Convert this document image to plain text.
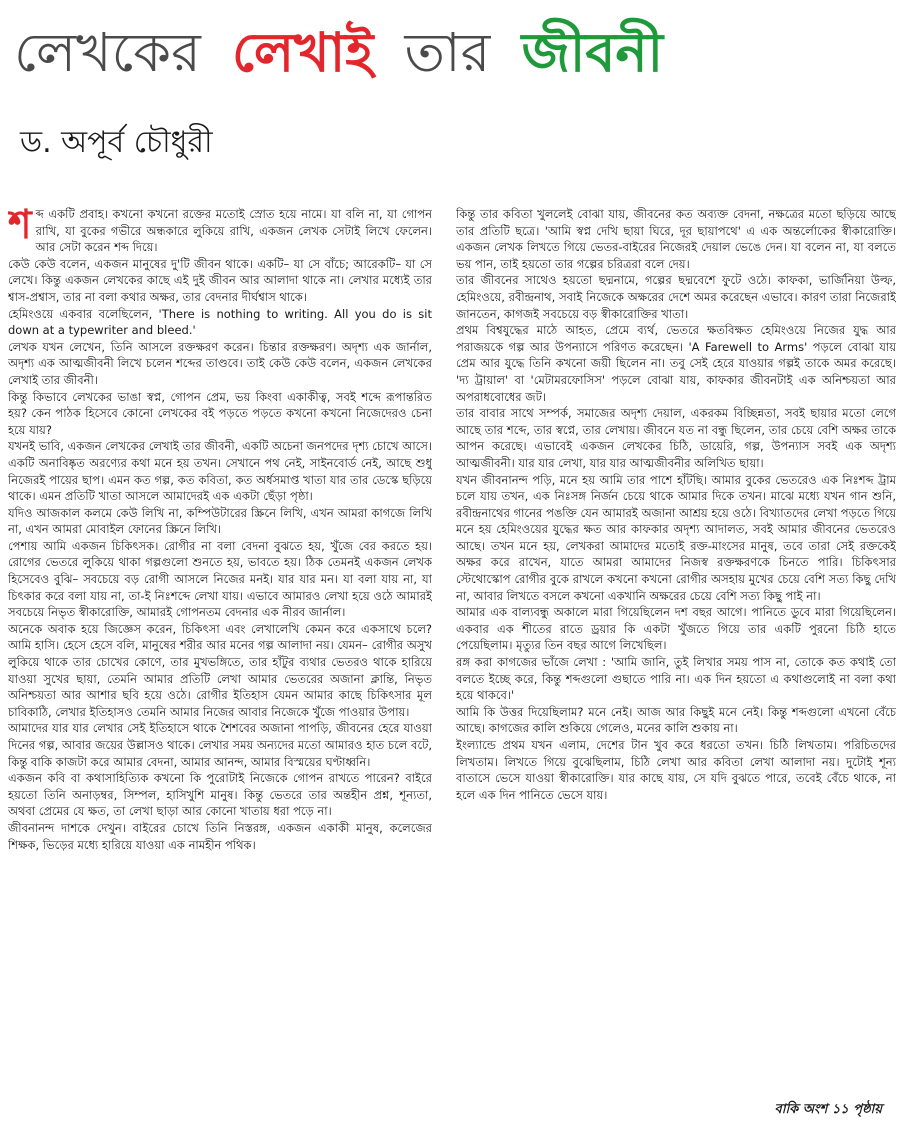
লেখকের লেখাই তার জীবনী
ড. অপূর্ব চৌধুরী
শ ব্দ একটি প্রবাহ। কখনো কখনো রক্তের মতোই স্রোত হয়ে নামে। যা বলি না, যা গোপন রাখি, যা বুকের গভীরে অন্ধকারে লুকিয়ে রাখি, একজন লেখক সেটাই লিখে ফেলেন। আর সেটা করেন শব্দ দিয়ে।

কেউ কেউ বলেন, একজন মানুষের দু'টি জীবন থাকে। একটি– যা সে বাঁচে; আরেকটি– যা সে লেখে। কিন্তু একজন লেখকের কাছে এই দুই জীবন আর আলাদা থাকে না। লেখার মধ্যেই তার শ্বাস-প্রশ্বাস, তার না বলা কথার অক্ষর, তার বেদনার দীর্ঘশ্বাস থাকে।

হেমিংওয়ে একবার বলেছিলেন, 'There is nothing to writing. All you do is sit down at a typewriter and bleed.'

লেখক যখন লেখেন, তিনি আসলে রক্তক্ষরণ করেন। চিন্তার রক্তক্ষরণ। অদৃশ্য এক জার্নাল, অদৃশ্য এক আত্মজীবনী লিখে চলেন শব্দের তাণ্ডবে। তাই কেউ কেউ বলেন, একজন লেখকের লেখাই তার জীবনী।

কিন্তু কিভাবে লেখকের ভাঙা স্বপ্ন, গোপন প্রেম, ভয় কিংবা একাকীত্ব, সবই শব্দে রূপান্তরিত হয়? কেন পাঠক হিসেবে কোনো লেখকের বই পড়তে পড়তে কখনো কখনো নিজেদেরও চেনা হয়ে যায়?

যখনই ভাবি, একজন লেখকের লেখাই তার জীবনী, একটি অচেনা জনপদের দৃশ্য চোখে আসে। একটি অনাবিষ্কৃত অরণ্যের কথা মনে হয় তখন। সেখানে পথ নেই, সাইনবোর্ড নেই, আছে শুধু নিজেরই পায়ের ছাপ। এমন কত গল্প, কত কবিতা, কত অর্ধসমাপ্ত খাতা যার তার ডেস্কে ছড়িয়ে থাকে। এমন প্রতিটি খাতা আসলে আমাদেরই এক একটা ছেঁড়া পৃষ্ঠা।

যদিও আজকাল কলমে কেউ লিখি না, কম্পিউটারের স্ক্রিনে লিখি, এখন আমরা কাগজে লিখি না, এখন আমরা মোবাইল ফোনের স্ক্রিনে লিখি।

পেশায় আমি একজন চিকিৎসক। রোগীর না বলা বেদনা বুঝতে হয়, খুঁজে বের করতে হয়। রোগের ভেতরে লুকিয়ে থাকা গল্পগুলো শুনতে হয়, ভাবতে হয়। ঠিক তেমনই একজন লেখক হিসেবেও বুঝি– সবচেয়ে বড় রোগী আসলে নিজের মনই। যার যার মন। যা বলা যায় না, যা চিৎকার করে বলা যায় না, তা-ই নিঃশব্দে লেখা যায়। এভাবে আমারও লেখা হয়ে ওঠে আমারই সবচেয়ে নিভৃত স্বীকারোক্তি, আমারই গোপনতম বেদনার এক নীরব জার্নাল।

অনেকে অবাক হয়ে জিজ্ঞেস করেন, চিকিৎসা এবং লেখালেখি কেমন করে একসাথে চলে? আমি হাসি। হেসে হেসে বলি, মানুষের শরীর আর মনের গল্প আলাদা নয়। যেমন– রোগীর অসুখ লুকিয়ে থাকে তার চোখের কোণে, তার মুখভঙ্গিতে, তার হাঁটুর ব্যথার ভেতরও থাকে হারিয়ে যাওয়া সুখের ছায়া, তেমনি আমার প্রতিটি লেখা আমার ভেতরের অজানা ক্লান্তি, নিভৃত অনিশ্চয়তা আর আশার ছবি হয়ে ওঠে। রোগীর ইতিহাস যেমন আমার কাছে চিকিৎসার মূল চাবিকাঠি, লেখার ইতিহাসও তেমনি আমার নিজের আবার নিজেকে খুঁজে পাওয়ার উপায়।

আমাদের যার যার লেখার সেই ইতিহাসে থাকে শৈশবের অজানা পাপড়ি, জীবনের হেরে যাওয়া দিনের গল্প, আবার জয়ের উল্লাসও থাকে। লেখার সময় অন্যদের মতো আমারও হাত চলে বটে, কিন্তু বাকি কাজটা করে আমার বেদনা, আমার আনন্দ, আমার বিস্ময়ের ঘণ্টাধ্বনি।

একজন কবি বা কথাসাহিত্যিক কখনো কি পুরোটাই নিজেকে গোপন রাখতে পারেন? বাইরে হয়তো তিনি অনাড়ম্বর, সিম্পল, হাসিখুশি মানুষ। কিন্তু ভেতরে তার অন্তহীন প্রশ্ন, শূন্যতা, অথবা প্রেমের যে ক্ষত, তা লেখা ছাড়া আর কোনো খাতায় ধরা পড়ে না।

জীবনানন্দ দাশকে দেখুন। বাইরের চোখে তিনি নিস্তরঙ্গ, একজন একাকী মানুষ, কলেজের শিক্ষক, ভিড়ের মধ্যে হারিয়ে যাওয়া এক নামহীন পথিক।

কিন্তু তার কবিতা খুললেই বোঝা যায়, জীবনের কত অব্যক্ত বেদনা, নক্ষত্রের মতো ছড়িয়ে আছে তার প্রতিটি ছত্রে। 'আমি স্বপ্ন দেখি ছায়া ঘিরে, দূর ছায়াপথে' এ এক অন্তর্লোকের স্বীকারোক্তি। একজন লেখক লিখতে গিয়ে ভেতর-বাইরের নিজেরই দেয়াল ভেঙে দেন। যা বলেন না, যা বলতে ভয় পান, তাই হয়তো তার গল্পের চরিত্ররা বলে দেয়।

তার জীবনের সাথেও হয়তো ছদ্মনামে, গল্পের ছদ্মবেশে ফুটে ওঠে। কাফকা, ভার্জিনিয়া উল্ফ, হেমিংওয়ে, রবীন্দ্রনাথ, সবাই নিজেকে অক্ষরের দেশে অমর করেছেন এভাবে। কারণ তারা নিজেরাই জানতেন, কাগজই সবচেয়ে বড় স্বীকারোক্তির খাতা।

প্রথম বিশ্বযুদ্ধের মাঠে আহত, প্রেমে ব্যর্থ, ভেতরে ক্ষতবিক্ষত হেমিংওয়ে নিজের যুদ্ধ আর পরাজয়কে গল্প আর উপন্যাসে পরিণত করেছেন। 'A Farewell to Arms' পড়লে বোঝা যায় প্রেম আর যুদ্ধে তিনি কখনো জয়ী ছিলেন না। তবু সেই হেরে যাওয়ার গল্পই তাকে অমর করেছে। 'দ্য ট্রায়াল' বা 'মেটামরফোসিস' পড়লে বোঝা যায়, কাফকার জীবনটাই এক অনিশ্চয়তা আর অপরাধবোধের জট।

তার বাবার সাথে সম্পর্ক, সমাজের অদৃশ্য দেয়াল, একরকম বিচ্ছিন্নতা, সবই ছায়ার মতো লেগে আছে তার শব্দে, তার স্বপ্নে, তার লেখায়। জীবনে যত না বন্ধু ছিলেন, তার চেয়ে বেশি অক্ষর তাকে আপন করেছে। এভাবেই একজন লেখকের চিঠি, ডায়েরি, গল্প, উপন্যাস সবই এক অদৃশ্য আত্মজীবনী। যার যার লেখা, যার যার আত্মজীবনীর অলিখিত ছায়া।

যখন জীবনানন্দ পড়ি, মনে হয় আমি তার পাশে হাঁটছি। আমার বুকের ভেতরেও এক নিঃশব্দ ট্রাম চলে যায় তখন, এক নিঃসঙ্গ নির্জন চেয়ে থাকে আমার দিকে তখন। মাঝে মধ্যে যখন গান শুনি, রবীন্দ্রনাথের গানের পঙক্তি যেন আমারই অজানা আশ্রয় হয়ে ওঠে। বিখ্যাতদের লেখা পড়তে গিয়ে মনে হয় হেমিংওয়ের যুদ্ধের ক্ষত আর কাফকার অদৃশ্য আদালত, সবই আমার জীবনের ভেতরেও আছে। তখন মনে হয়, লেখকরা আমাদের মতোই রক্ত-মাংসের মানুষ, তবে তারা সেই রক্তকেই অক্ষর করে রাখেন, যাতে আমরা আমাদের নিজস্ব রক্তক্ষরণকে চিনতে পারি। চিকিৎসার স্টেথোস্কোপ রোগীর বুকে রাখলে কখনো কখনো রোগীর অসহায় মুখের চেয়ে বেশি সত্য কিছু দেখি না, আবার লিখতে বসলে কখনো একখানি অক্ষরের চেয়ে বেশি সত্য কিছু পাই না।

আমার এক বাল্যবন্ধু অকালে মারা গিয়েছিলেন দশ বছর আগে। পানিতে ডুবে মারা গিয়েছিলেন। একবার এক শীতের রাতে ড্রয়ার কি একটা খুঁজতে গিয়ে তার একটি পুরনো চিঠি হাতে পেয়েছিলাম। মৃত্যুর তিন বছর আগে লিখেছিল।

রঙ্গ করা কাগজের ভাঁজে লেখা : 'আমি জানি, তুই লিখার সময় পাস না, তোকে কত কথাই তো বলতে ইচ্ছে করে, কিন্তু শব্দগুলো গুছাতে পারি না। এক দিন হয়তো এ কথাগুলোই না বলা কথা হয়ে থাকবে।'

আমি কি উত্তর দিয়েছিলাম? মনে নেই। আজ আর কিছুই মনে নেই। কিন্তু শব্দগুলো এখনো বেঁচে আছে। কাগজের কালি শুকিয়ে গেলেও, মনের কালি শুকায় না।

ইংল্যান্ডে প্রথম যখন এলাম, দেশের টান খুব করে ধরতো তখন। চিঠি লিখতাম। পরিচিতদের লিখতাম। লিখতে গিয়ে বুঝেছিলাম, চিঠি লেখা আর কবিতা লেখা আলাদা নয়। দুটোই শূন্য বাতাসে ভেসে যাওয়া স্বীকারোক্তি। যার কাছে যায়, সে যদি বুঝতে পারে, তবেই বেঁচে থাকে, না হলে এক দিন পানিতে ভেসে যায়।

বাকি অংশ ১১ পৃষ্ঠায়
